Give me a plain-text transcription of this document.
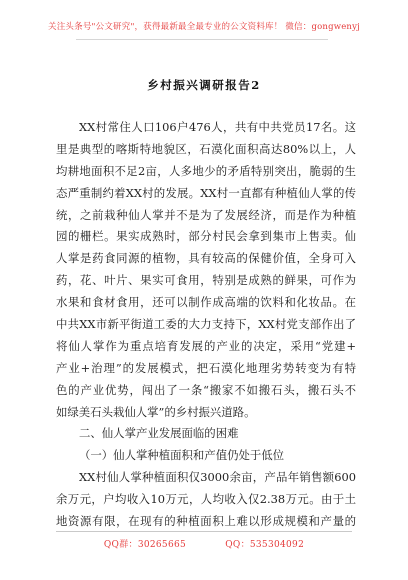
关注头条号"公文研究"，获得最新最全最专业的公文资料库！ 微信：gongwenyj
乡村振兴调研报告2
XX村常住人口106户476人，共有中共党员17名。这
里是典型的喀斯特地貌区，石漠化面积高达80%以上，人
均耕地面积不足2亩，人多地少的矛盾特别突出，脆弱的生
态严重制约着XX村的发展。XX村一直都有种植仙人掌的传
统，之前栽种仙人掌并不是为了发展经济，而是作为种植
园的栅栏。果实成熟时，部分村民会拿到集市上售卖。仙
人掌是药食同源的植物，具有较高的保健价值，全身可入
药，花、叶片、果实可食用，特别是成熟的鲜果，可作为
水果和食材食用，还可以制作成高端的饮料和化妆品。在
中共XX市新平街道工委的大力支持下，XX村党支部作出了
将仙人掌作为重点培育发展的产业的决定，采用“党建+
产业+治理”的发展模式，把石漠化地理劣势转变为有特
色的产业优势，闯出了一条“搬家不如搬石头，搬石头不
如绿美石头栽仙人掌”的乡村振兴道路。
二、仙人掌产业发展面临的困难
（一）仙人掌种植面积和产值仍处于低位
XX村仙人掌种植面积仅3000余亩，产品年销售额600
余万元，户均收入10万元，人均收入仅2.38万元。由于土
地资源有限，在现有的种植面积上难以形成规模和产量的
QQ群：30265665	QQ：535304092
